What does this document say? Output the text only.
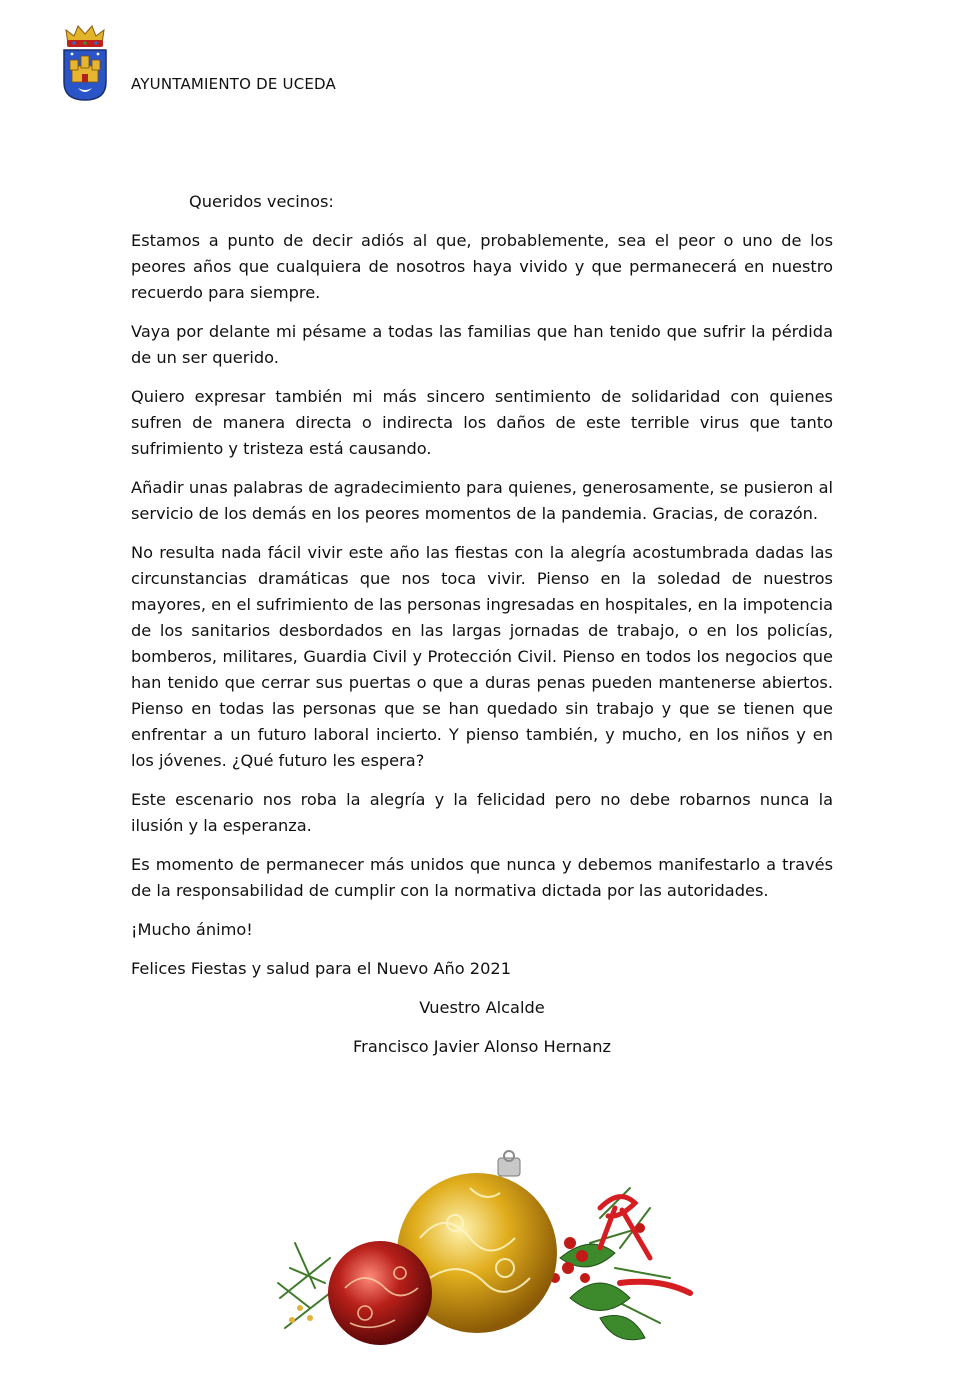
AYUNTAMIENTO DE UCEDA

Queridos vecinos:

Estamos a punto de decir adiós al que, probablemente, sea el peor o uno de los peores años que cualquiera de nosotros haya vivido y que permanecerá en nuestro recuerdo para siempre.

Vaya por delante mi pésame a todas las familias que han tenido que sufrir la pérdida de un ser querido.

Quiero expresar también mi más sincero sentimiento de solidaridad con quienes sufren de manera directa o indirecta los daños de este terrible virus que tanto sufrimiento y tristeza está causando.

Añadir unas palabras de agradecimiento para quienes, generosamente, se pusieron al servicio de los demás en los peores momentos de la pandemia. Gracias, de corazón.

No resulta nada fácil vivir este año las fiestas con la alegría acostumbrada dadas las circunstancias dramáticas que nos toca vivir. Pienso en la soledad de nuestros mayores, en el sufrimiento de las personas ingresadas en hospitales, en la impotencia de los sanitarios desbordados en las largas jornadas de trabajo, o en los policías, bomberos, militares, Guardia Civil y Protección Civil. Pienso en todos los negocios que han tenido que cerrar sus puertas o que a duras penas pueden mantenerse abiertos. Pienso en todas las personas que se han quedado sin trabajo y que se tienen que enfrentar a un futuro laboral incierto. Y pienso también, y mucho, en los niños y en los jóvenes. ¿Qué futuro les espera?

Este escenario nos roba la alegría y la felicidad pero no debe robarnos nunca la ilusión y la esperanza.

Es momento de permanecer más unidos que nunca y debemos manifestarlo a través de la responsabilidad de cumplir con la normativa dictada por las autoridades.

¡Mucho ánimo!

Felices Fiestas y salud para el Nuevo Año 2021

Vuestro Alcalde

Francisco Javier Alonso Hernanz
